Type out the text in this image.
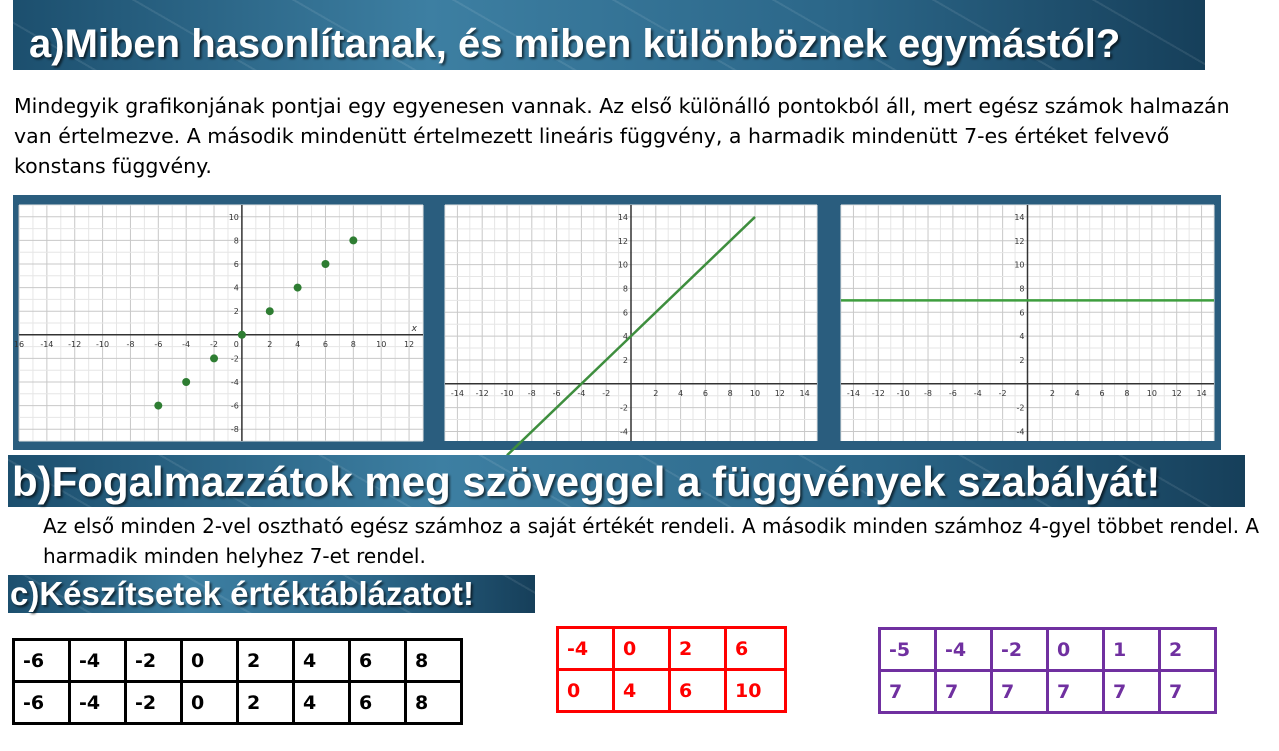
a)Miben hasonlítanak, és miben különböznek egymástól?
Mindegyik grafikonjának pontjai egy egyenesen vannak. Az első különálló pontokból áll, mert egész számok halmazán van értelmezve. A második mindenütt értelmezett lineáris függvény, a harmadik mindenütt 7-es értéket felvevő konstans függvény.
16 -14 -12 -10 -8 -6 -4 -2	2	4	6	8	10 12
-8
-6
-4
-2
2
4
6
8
10
0
x
-14 -12 -10 -8 -6 -4 -2	2 4 6 8 10 12 14
-4
-2
2
4
6
8
10
12
14
-14 -12 -10 -8 -6 -4 -2	2 4 6 8 10 12 14
-4
-2
2
4
6
8
10
12
14
b)Fogalmazzátok meg szöveggel a függvények szabályát!
Az első minden 2-vel osztható egész számhoz a saját értékét rendeli. A második minden számhoz 4-gyel többet rendel. A harmadik minden helyhez 7-et rendel.
c)Készítsetek értéktáblázatot!
-6	-4	-2	0	2	4	6	8
-6	-4	-2	0	2	4	6	8
-4	0	2	6
0	4	6	10
-5	-4	-2	0	1	2
7	7	7	7	7	7
